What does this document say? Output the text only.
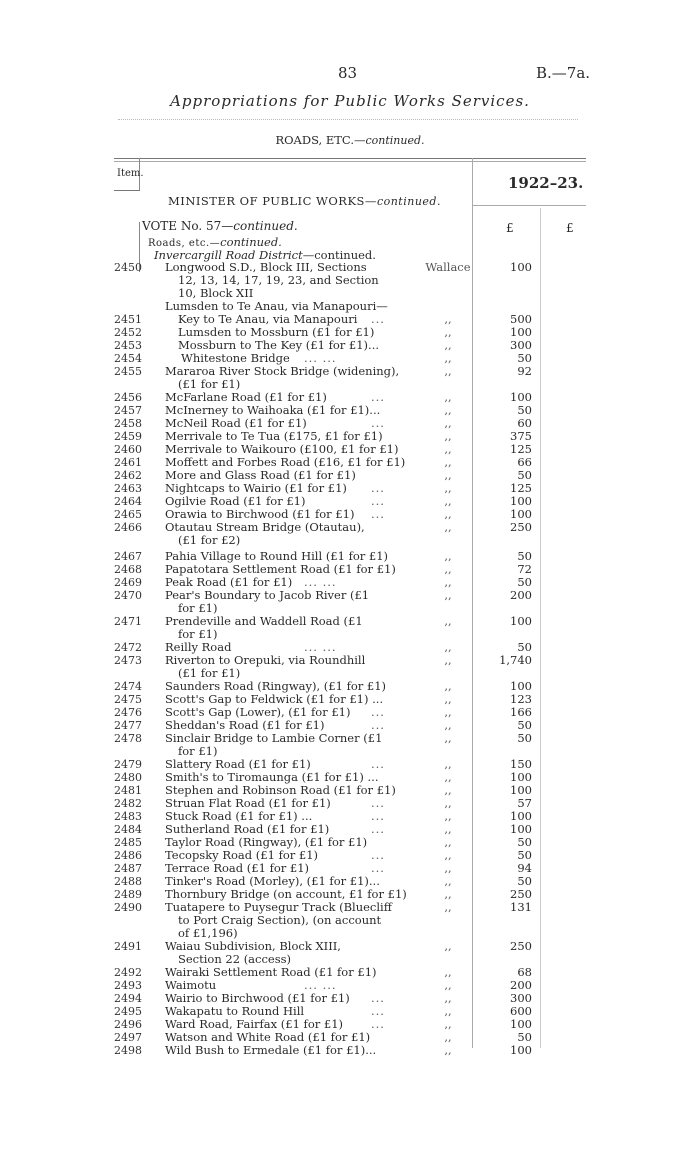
83	B.—7a.
Appropriations for Public Works Services.
ROADS, ETC.—continued.
Item.
1922–23.
MINISTER OF PUBLIC WORKS—continued.
VOTE No. 57—continued.
Roads, etc.—continued.
Invercargill Road District—continued.
£	£
2450 Longwood S.D., Block III, Sections	Wallace	100
12, 13, 14, 17, 19, 23, and Section
10, Block XII
Lumsden to Te Anau, via Manapouri—
2451	Key to Te Anau, via Manapouri ...	,,	500
2452	Lumsden to Mossburn (£1 for £1)	,,	100
2453	Mossburn to The Key (£1 for £1)...	,,	300
2454	Whitestone Bridge ... ...	,,	50
2455 Mararoa River Stock Bridge (widening),	,,	92
(£1 for £1)
2456 McFarlane Road (£1 for £1)	...	,,	100
2457 McInerney to Waihoaka (£1 for £1)...	,,	50
2458 McNeil Road (£1 for £1)	...	,,	60
2459 Merrivale to Te Tua (£175, £1 for £1)	,,	375
2460 Merrivale to Waikouro (£100, £1 for £1)	,,	125
2461 Moffett and Forbes Road (£16, £1 for £1)	,,	66
2462 More and Glass Road (£1 for £1)	,,	50
2463 Nightcaps to Wairio (£1 for £1) ...	,,	125
2464 Ogilvie Road (£1 for £1)	...	,,	100
2465 Orawia to Birchwood (£1 for £1) ...	,,	100
2466 Otautau Stream Bridge (Otautau),	,,	250
(£1 for £2)
2467 Pahia Village to Round Hill (£1 for £1)	,,	50
2468 Papatotara Settlement Road (£1 for £1)	,,	72
2469 Peak Road (£1 for £1) ... ...	,,	50
2470 Pear's Boundary to Jacob River (£1	,,	200
for £1)
2471 Prendeville and Waddell Road (£1	,,	100
for £1)
2472 Reilly Road	... ...	,,	50
2473 Riverton to Orepuki, via Roundhill	,,	1,740
(£1 for £1)
2474 Saunders Road (Ringway), (£1 for £1)	,,	100
2475 Scott's Gap to Feldwick (£1 for £1) ...	,,	123
2476 Scott's Gap (Lower), (£1 for £1) ...	,,	166
2477 Sheddan's Road (£1 for £1)	...	,,	50
2478 Sinclair Bridge to Lambie Corner (£1	,,	50
for £1)
2479 Slattery Road (£1 for £1)	...	,,	150
2480 Smith's to Tiromaunga (£1 for £1) ...	,,	100
2481 Stephen and Robinson Road (£1 for £1)	,,	100
2482 Struan Flat Road (£1 for £1)	...	,,	57
2483 Stuck Road (£1 for £1) ...	...	,,	100
2484 Sutherland Road (£1 for £1)	...	,,	100
2485 Taylor Road (Ringway), (£1 for £1)	,,	50
2486 Tecopsky Road (£1 for £1)	...	,,	50
2487 Terrace Road (£1 for £1)	...	,,	94
2488 Tinker's Road (Morley), (£1 for £1)...	,,	50
2489 Thornbury Bridge (on account, £1 for £1)	,,	250
2490 Tuatapere to Puysegur Track (Bluecliff	,,	131
to Port Craig Section), (on account
of £1,196)
2491 Waiau Subdivision, Block XIII,	,,	250
Section 22 (access)
2492 Wairaki Settlement Road (£1 for £1)	,,	68
2493 Waimotu	... ...	,,	200
2494 Wairio to Birchwood (£1 for £1) ...	,,	300
2495 Wakapatu to Round Hill	...	,,	600
2496 Ward Road, Fairfax (£1 for £1) ...	,,	100
2497 Watson and White Road (£1 for £1)	,,	50
2498 Wild Bush to Ermedale (£1 for £1)...	,,	100
